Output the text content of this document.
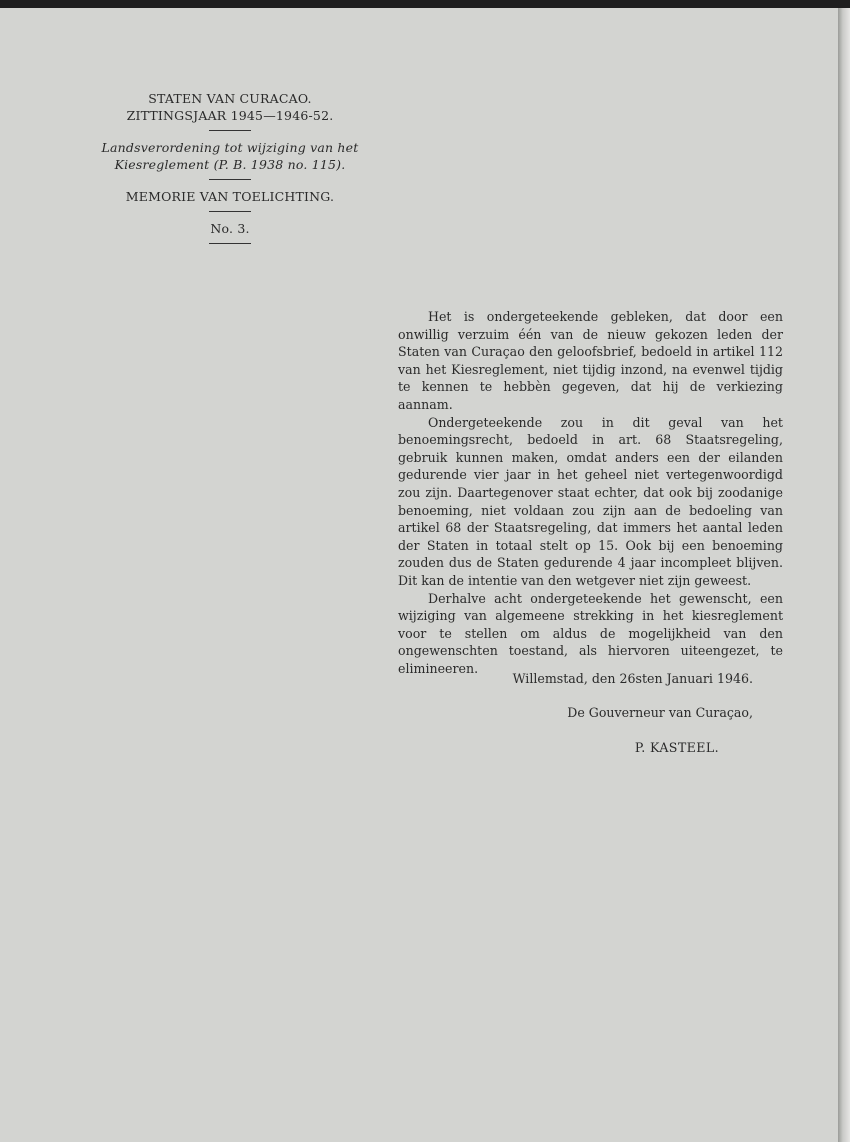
STATEN VAN CURACAO.
ZITTINGSJAAR 1945—1946-52.
Landsverordening tot wijziging van het
Kiesreglement (P. B. 1938 no. 115).
MEMORIE VAN TOELICHTING.
No. 3.

Het is ondergeteekende gebleken, dat door een onwillig verzuim één van de nieuw gekozen leden der Staten van Curaçao den geloofsbrief, bedoeld in artikel 112 van het Kiesreglement, niet tijdig inzond, na evenwel tijdig te kennen te hebbèn gegeven, dat hij de verkiezing aannam.

Ondergeteekende zou in dit geval van het benoemingsrecht, bedoeld in art. 68 Staatsregeling, gebruik kunnen maken, omdat anders een der eilanden gedurende vier jaar in het geheel niet vertegenwoordigd zou zijn. Daartegenover staat echter, dat ook bij zoodanige benoeming, niet voldaan zou zijn aan de bedoeling van artikel 68 der Staatsregeling, dat immers het aantal leden der Staten in totaal stelt op 15. Ook bij een benoeming zouden dus de Staten gedurende 4 jaar incompleet blijven. Dit kan de intentie van den wetgever niet zijn geweest.

Derhalve acht ondergeteekende het gewenscht, een wijziging van algemeene strekking in het kiesreglement voor te stellen om aldus de mogelijkheid van den ongewenschten toestand, als hiervoren uiteengezet, te elimineeren.

Willemstad, den 26sten Januari 1946.
De Gouverneur van Curaçao,
P. KASTEEL.
